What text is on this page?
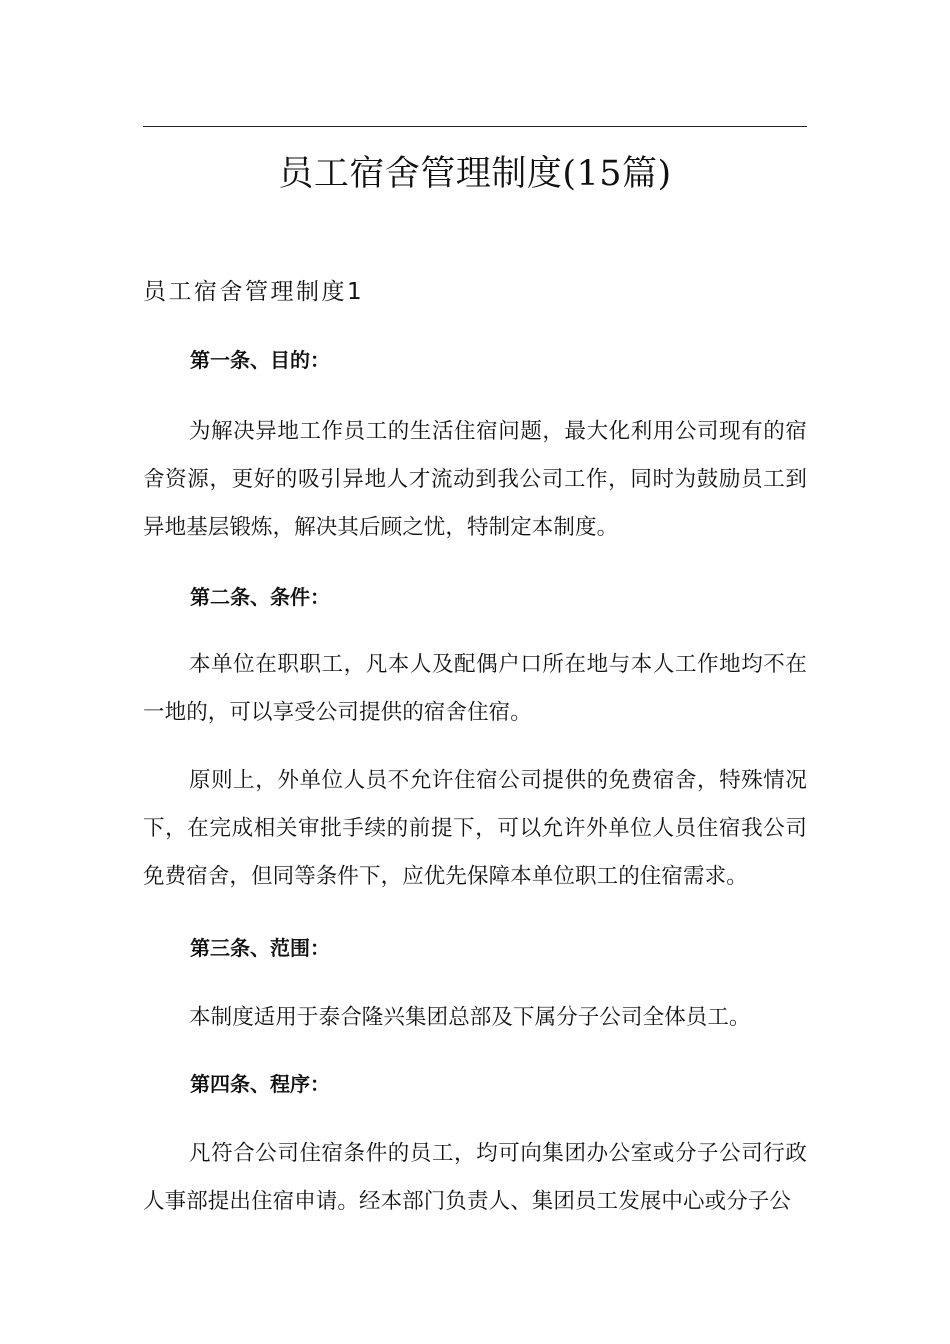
员工宿舍管理制度(15篇)
员工宿舍管理制度1
第一条、目的：

为解决异地工作员工的生活住宿问题，最大化利用公司现有的宿舍资源，更好的吸引异地人才流动到我公司工作，同时为鼓励员工到异地基层锻炼，解决其后顾之忧，特制定本制度。

第二条、条件：

本单位在职职工，凡本人及配偶户口所在地与本人工作地均不在一地的，可以享受公司提供的宿舍住宿。

原则上，外单位人员不允许住宿公司提供的免费宿舍，特殊情况下，在完成相关审批手续的前提下，可以允许外单位人员住宿我公司免费宿舍，但同等条件下，应优先保障本单位职工的住宿需求。

第三条、范围：

本制度适用于泰合隆兴集团总部及下属分子公司全体员工。

第四条、程序：

凡符合公司住宿条件的员工，均可向集团办公室或分子公司行政人事部提出住宿申请。经本部门负责人、集团员工发展中心或分子公
